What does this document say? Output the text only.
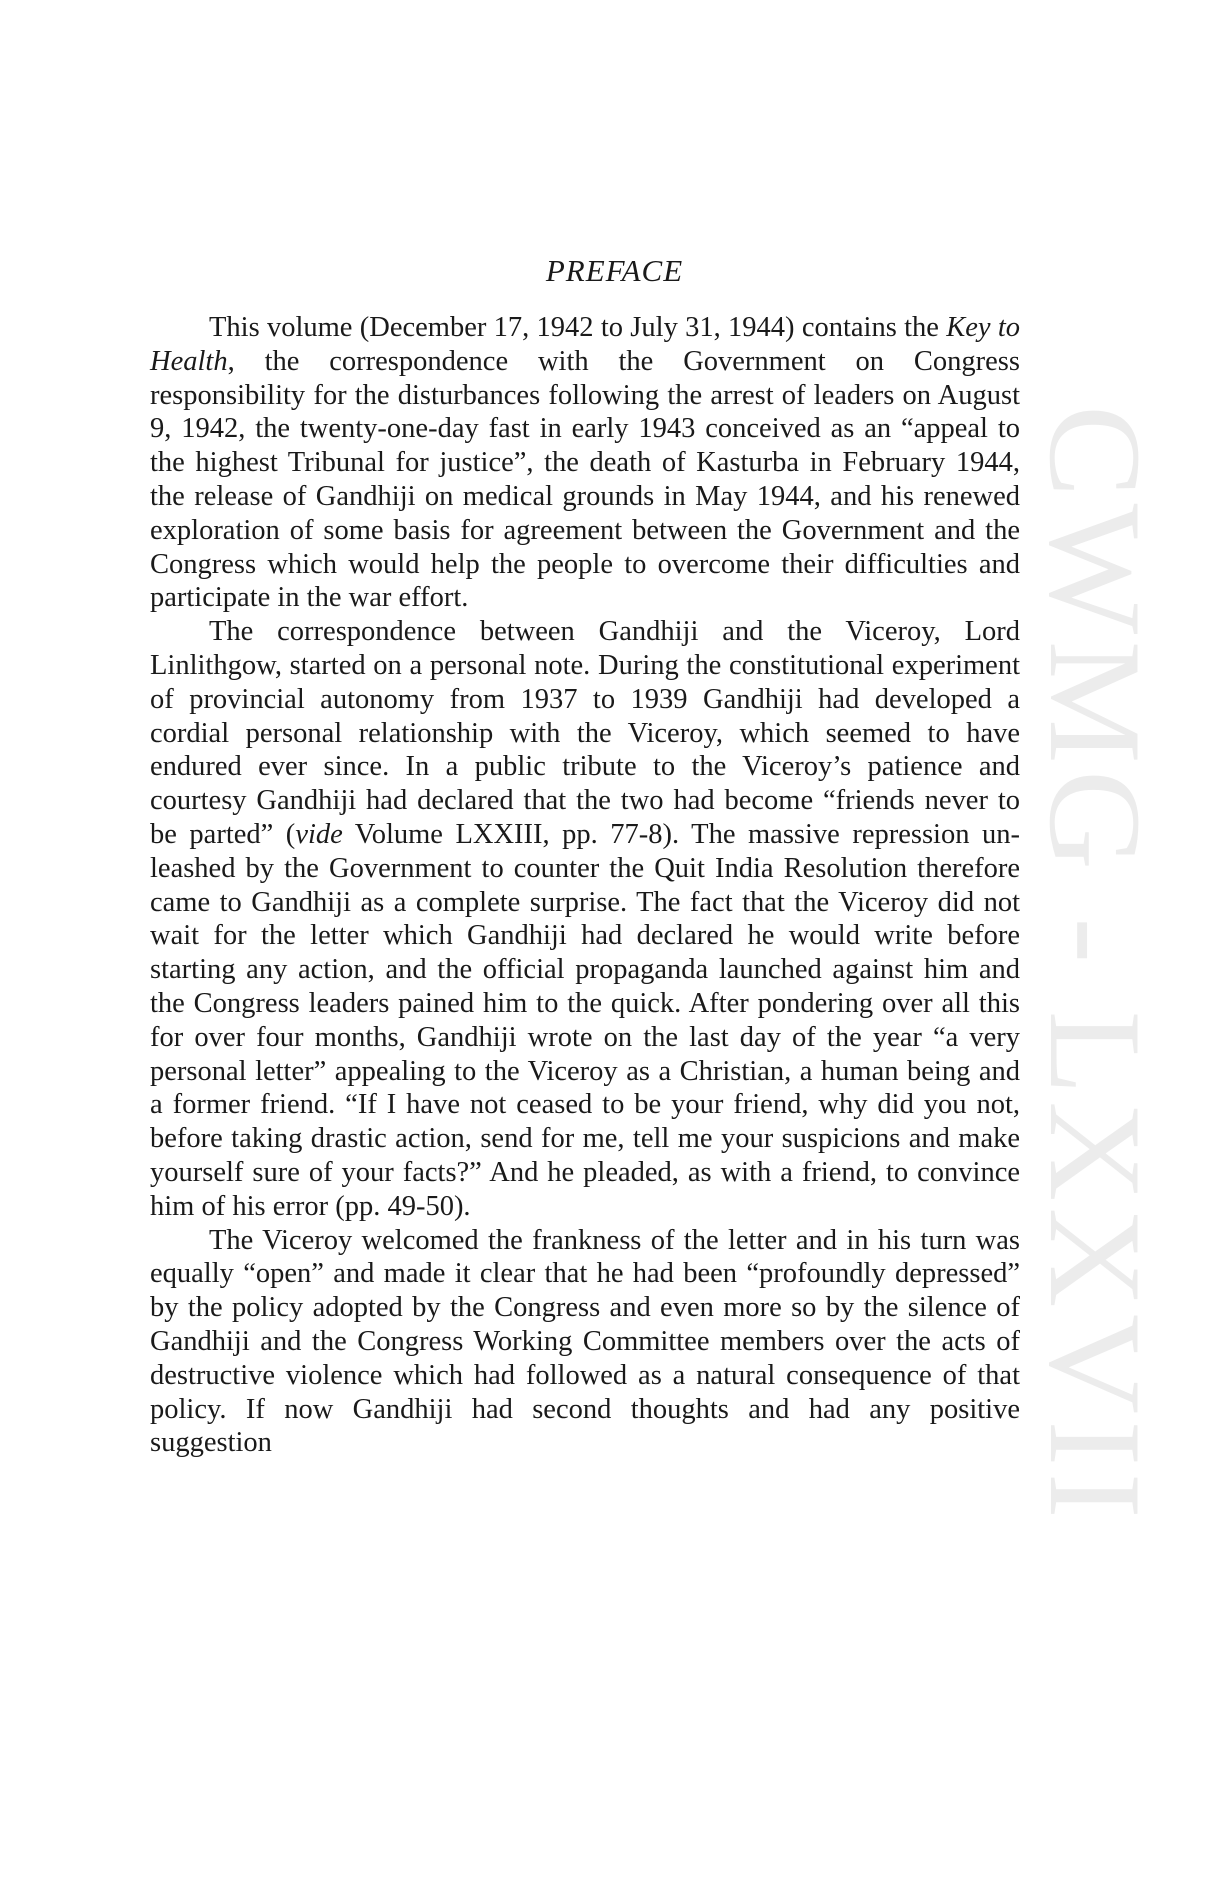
CWMG - LXXVII
PREFACE

This volume (December 17, 1942 to July 31, 1944) contains the Key to Health, the correspondence with the Government on Congress responsibility for the disturbances following the arrest of leaders on August 9, 1942, the twenty-one-day fast in early 1943 conceived as an “appeal to the highest Tribunal for justice”, the death of Kasturba in February 1944, the release of Gandhiji on medical grounds in May 1944, and his renewed exploration of some basis for agreement between the Government and the Congress which would help the people to overcome their difficulties and participate in the war effort.

The correspondence between Gandhiji and the Viceroy, Lord Linlithgow, started on a personal note. During the constitutional experiment of provincial autonomy from 1937 to 1939 Gandhiji had developed a cordial personal relationship with the Viceroy, which seemed to have endured ever since. In a public tribute to the Viceroy’s patience and courtesy Gandhiji had declared that the two had become “friends never to be parted” (vide Volume LXXIII, pp. 77-8). The massive repression unleashed by the Government to counter the Quit India Resolution therefore came to Gandhiji as a complete surprise. The fact that the Viceroy did not wait for the letter which Gandhiji had declared he would write before starting any action, and the official propaganda launched against him and the Congress leaders pained him to the quick. After pondering over all this for over four months, Gandhiji wrote on the last day of the year “a very personal letter” appealing to the Viceroy as a Christian, a human being and a former friend. “If I have not ceased to be your friend, why did you not, before taking drastic action, send for me, tell me your suspicions and make yourself sure of your facts?” And he pleaded, as with a friend, to convince him of his error (pp. 49-50).

The Viceroy welcomed the frankness of the letter and in his turn was equally “open” and made it clear that he had been “profoundly depressed” by the policy adopted by the Congress and even more so by the silence of Gandhiji and the Congress Working Committee members over the acts of destructive violence which had followed as a natural consequence of that policy. If now Gandhiji had second thoughts and had any positive suggestion
